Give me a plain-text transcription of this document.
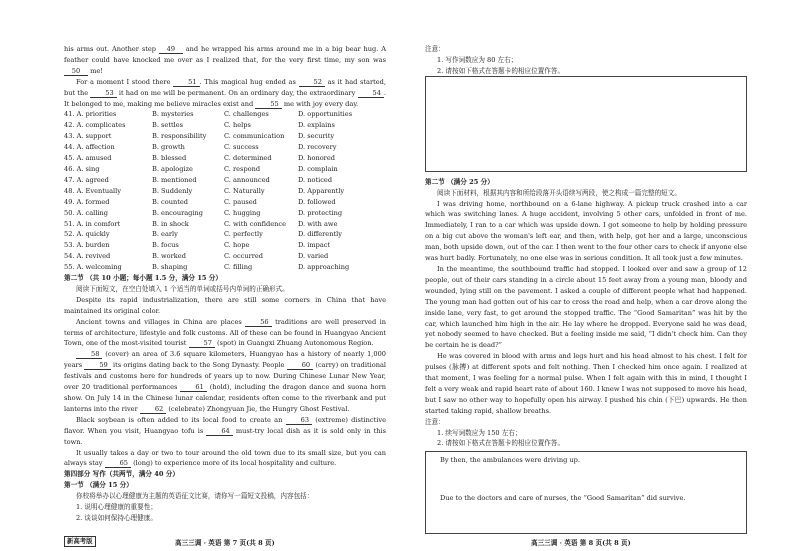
his arms out. Another step 49 and he wrapped his arms around me in a big bear hug. A feather could have knocked me over as I realized that, for the very first time, my son was 50 me!

For a moment I stood there 51 . This magical hug ended as 52 as it had started, but the 53 it had on me will be permanent. On an ordinary day, the extraordinary 54 . It belonged to me, making me believe miracles exist and 55 me with joy every day.

41. A. priorities	B. mysteries	C. challenges	D. opportunities
42. A. complicates	B. settles	C. helps	D. explains
43. A. support	B. responsibility	C. communication	D. security
44. A. affection	B. growth	C. success	D. recovery
45. A. amused	B. blessed	C. determined	D. honored
46. A. sing	B. apologize	C. respond	D. complain
47. A. agreed	B. mentioned	C. announced	D. noticed
48. A. Eventually	B. Suddenly	C. Naturally	D. Apparently
49. A. formed	B. counted	C. paused	D. followed
50. A. calling	B. encouraging	C. hugging	D. protecting
51. A. in comfort	B. in shock	C. with confidence	D. with awe
52. A. quickly	B. early	C. perfectly	D. differently
53. A. burden	B. focus	C. hope	D. impact
54. A. revived	B. worked	C. occurred	D. varied
55. A. welcoming	B. shaping	C. filling	D. approaching

第二节 （共 10 小题；每小题 1.5 分，满分 15 分）

阅读下面短文，在空白处填入 1 个适当的单词或括号内单词的正确形式。

Despite its rapid industrialization, there are still some corners in China that have maintained its original color.

Ancient towns and villages in China are places 56 traditions are well preserved in terms of architecture, lifestyle and folk customs. All of these can be found in Huangyao Ancient Town, one of the most-visited tourist 57 (spot) in Guangxi Zhuang Autonomous Region.

58 (cover) an area of 3.6 square kilometers, Huangyao has a history of nearly 1,000 years 59 its origins dating back to the Song Dynasty. People 60 (carry) on traditional festivals and customs here for hundreds of years up to now. During Chinese Lunar New Year, over 20 traditional performances 61 (hold), including the dragon dance and suona horn show. On July 14 in the Chinese lunar calendar, residents often come to the riverbank and put lanterns into the river 62 (celebrate) Zhongyuan Jie, the Hungry Ghost Festival.

Black soybean is often added to its local food to create an 63 (extreme) distinctive flavor. When you visit, Huangyao tofu is 64 must-try local dish as it is sold only in this town.

It usually takes a day or two to tour around the old town due to its small size, but you can always stay 65 (long) to experience more of its local hospitality and culture.

第四部分 写作（共两节，满分 40 分）

第一节 （满分 15 分）

你校将举办以心理健康为主题的英语征文比赛，请你写一篇短文投稿，内容包括：

1. 说明心理健康的重要性；

2. 谈谈如何保持心理健康。

新高考版	高三三调 · 英语 第 7 页(共 8 页)

注意：

1. 写作词数应为 80 左右；

2. 请按如下格式在答题卡的相应位置作答。

第二节 （满分 25 分）

阅读下面材料，根据其内容和所给段落开头语续写两段，使之构成一篇完整的短文。

I was driving home, northbound on a 6-lane highway. A pickup truck crashed into a car which was switching lanes. A huge accident, involving 5 other cars, unfolded in front of me. Immediately, I ran to a car which was upside down. I got someone to help by holding pressure on a big cut above the woman's left ear, and then, with help, got her and a large, unconscious man, both upside down, out of the car. I then went to the four other cars to check if anyone else was hurt badly. Fortunately, no one else was in serious condition. It all took just a few minutes.

In the meantime, the southbound traffic had stopped. I looked over and saw a group of 12 people, out of their cars standing in a circle about 15 feet away from a young man, bloody and wounded, lying still on the pavement. I asked a couple of different people what had happened. The young man had gotten out of his car to cross the road and help, when a car drove along the inside lane, very fast, to get around the stopped traffic. The “Good Samaritan” was hit by the car, which launched him high in the air. He lay where he dropped. Everyone said he was dead, yet nobody seemed to have checked. But a feeling inside me said, “I didn't check him. Can they be certain he is dead?”

He was covered in blood with arms and legs hurt and his head almost to his chest. I felt for pulses (脉搏) at different spots and felt nothing. Then I checked him once again. I realized at that moment, I was feeling for a normal pulse. When I felt again with this in mind, I thought I felt a very weak and rapid heart rate of about 160. I knew I was not supposed to move his head, but I saw no other way to hopefully open his airway. I pushed his chin (下巴) upwards. He then started taking rapid, shallow breaths.

注意：

1. 续写词数应为 150 左右；

2. 请按如下格式在答题卡的相应位置作答。

By then, the ambulances were driving up.
Due to the doctors and care of nurses, the “Good Samaritan” did survive.
高三三调 · 英语 第 8 页(共 8 页)
